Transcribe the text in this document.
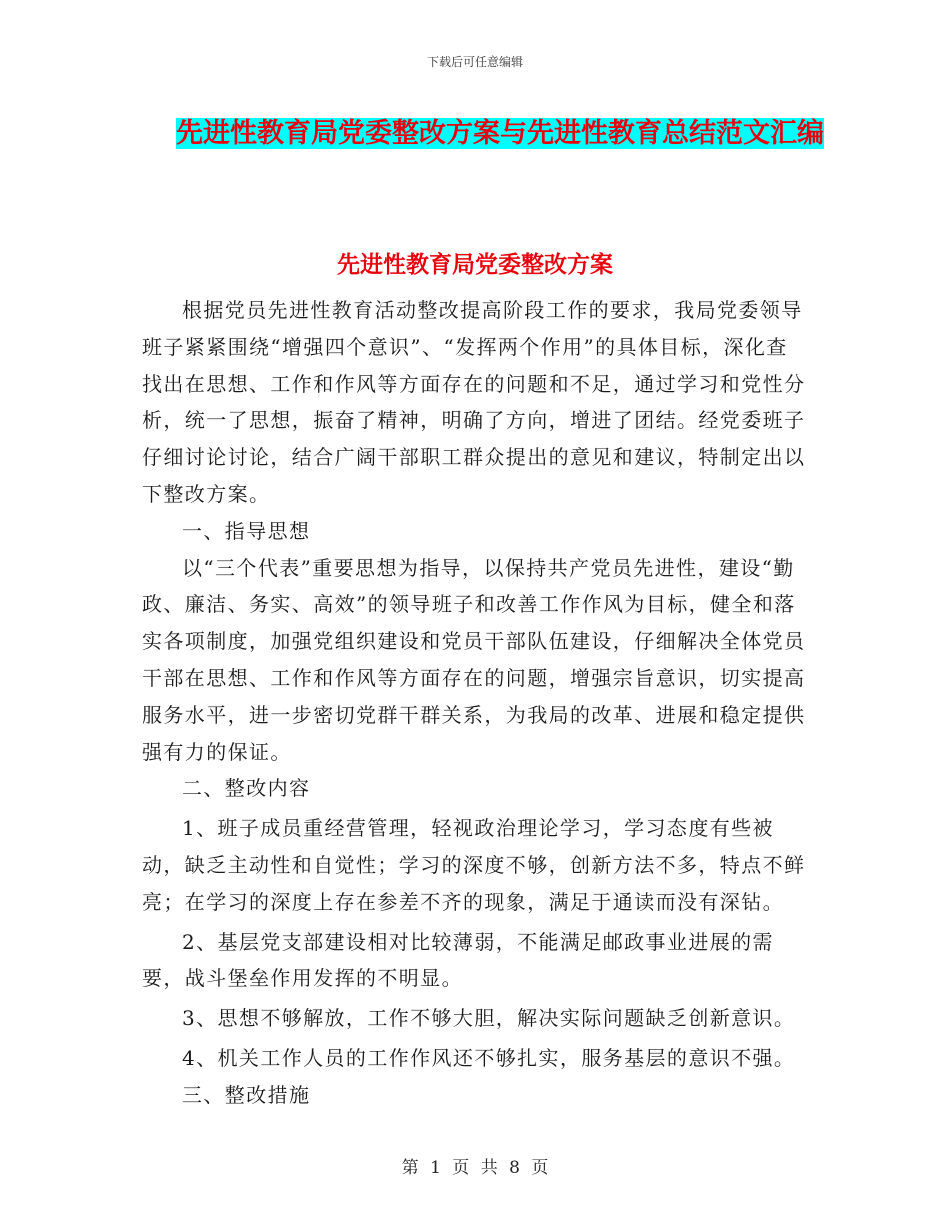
下载后可任意编辑
先进性教育局党委整改方案与先进性教育总结范文汇编
先进性教育局党委整改方案

根据党员先进性教育活动整改提高阶段工作的要求，我局党委领导班子紧紧围绕“增强四个意识”、“发挥两个作用”的具体目标，深化查找出在思想、工作和作风等方面存在的问题和不足，通过学习和党性分析，统一了思想，振奋了精神，明确了方向，增进了团结。经党委班子仔细讨论讨论，结合广阔干部职工群众提出的意见和建议，特制定出以下整改方案。

一、指导思想

以“三个代表”重要思想为指导，以保持共产党员先进性，建设“勤政、廉洁、务实、高效”的领导班子和改善工作作风为目标，健全和落实各项制度，加强党组织建设和党员干部队伍建设，仔细解决全体党员干部在思想、工作和作风等方面存在的问题，增强宗旨意识，切实提高服务水平，进一步密切党群干群关系，为我局的改革、进展和稳定提供强有力的保证。

二、整改内容

1、班子成员重经营管理，轻视政治理论学习，学习态度有些被动，缺乏主动性和自觉性；学习的深度不够，创新方法不多，特点不鲜亮；在学习的深度上存在参差不齐的现象，满足于通读而没有深钻。

2、基层党支部建设相对比较薄弱，不能满足邮政事业进展的需要，战斗堡垒作用发挥的不明显。

3、思想不够解放，工作不够大胆，解决实际问题缺乏创新意识。

4、机关工作人员的工作作风还不够扎实，服务基层的意识不强。

三、整改措施

第 1 页 共 8 页
